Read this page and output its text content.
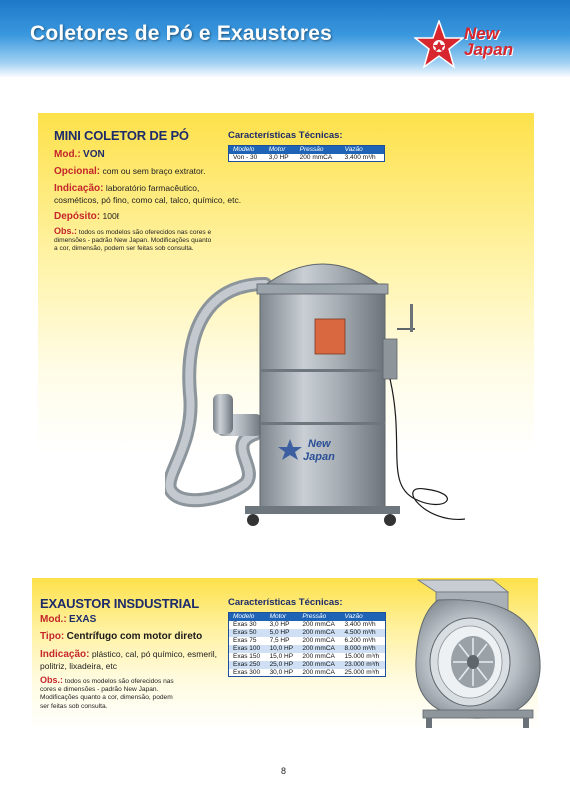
Coletores de Pó e Exaustores	New
Japan
MINI COLETOR DE PÓ
Mod.: VON
Opcional: com ou sem braço extrator.
Indicação: laboratório farmacêutico,
cosméticos, pó fino, como cal, talco, químico, etc.
Depósito: 100ℓ
Obs.: todos os modelos são oferecidos nas cores e
dimensões - padrão New Japan. Modificações quanto
a cor, dimensão, podem ser feitas sob consulta.
Características Técnicas:
Modelo	Motor	Pressão	Vazão
Von - 30	3,0 HP	200 mmCA	3.400 m³/h
New
Japan
EXAUSTOR INSDUSTRIAL
Mod.: EXAS
Tipo: Centrífugo com motor direto
Indicação: plástico, cal, pó químico, esmeril,
politriz, lixadeira, etc
Obs.: todos os modelos são oferecidos nas
cores e dimensões - padrão New Japan.
Modificações quanto a cor, dimensão, podem
ser feitas sob consulta.
Características Técnicas:
Modelo	Motor	Pressão	Vazão
Exas 30	3,0 HP	200 mmCA	3.400 m³/h
Exas 50	5,0 HP	200 mmCA	4.500 m³/h
Exas 75	7,5 HP	200 mmCA	6.200 m³/h
Exas 100	10,0 HP	200 mmCA	8.000 m³/h
Exas 150	15,0 HP	200 mmCA	15.000 m³/h
Exas 250	25,0 HP	200 mmCA	23.000 m³/h
Exas 300	30,0 HP	200 mmCA	25.000 m³/h
8
